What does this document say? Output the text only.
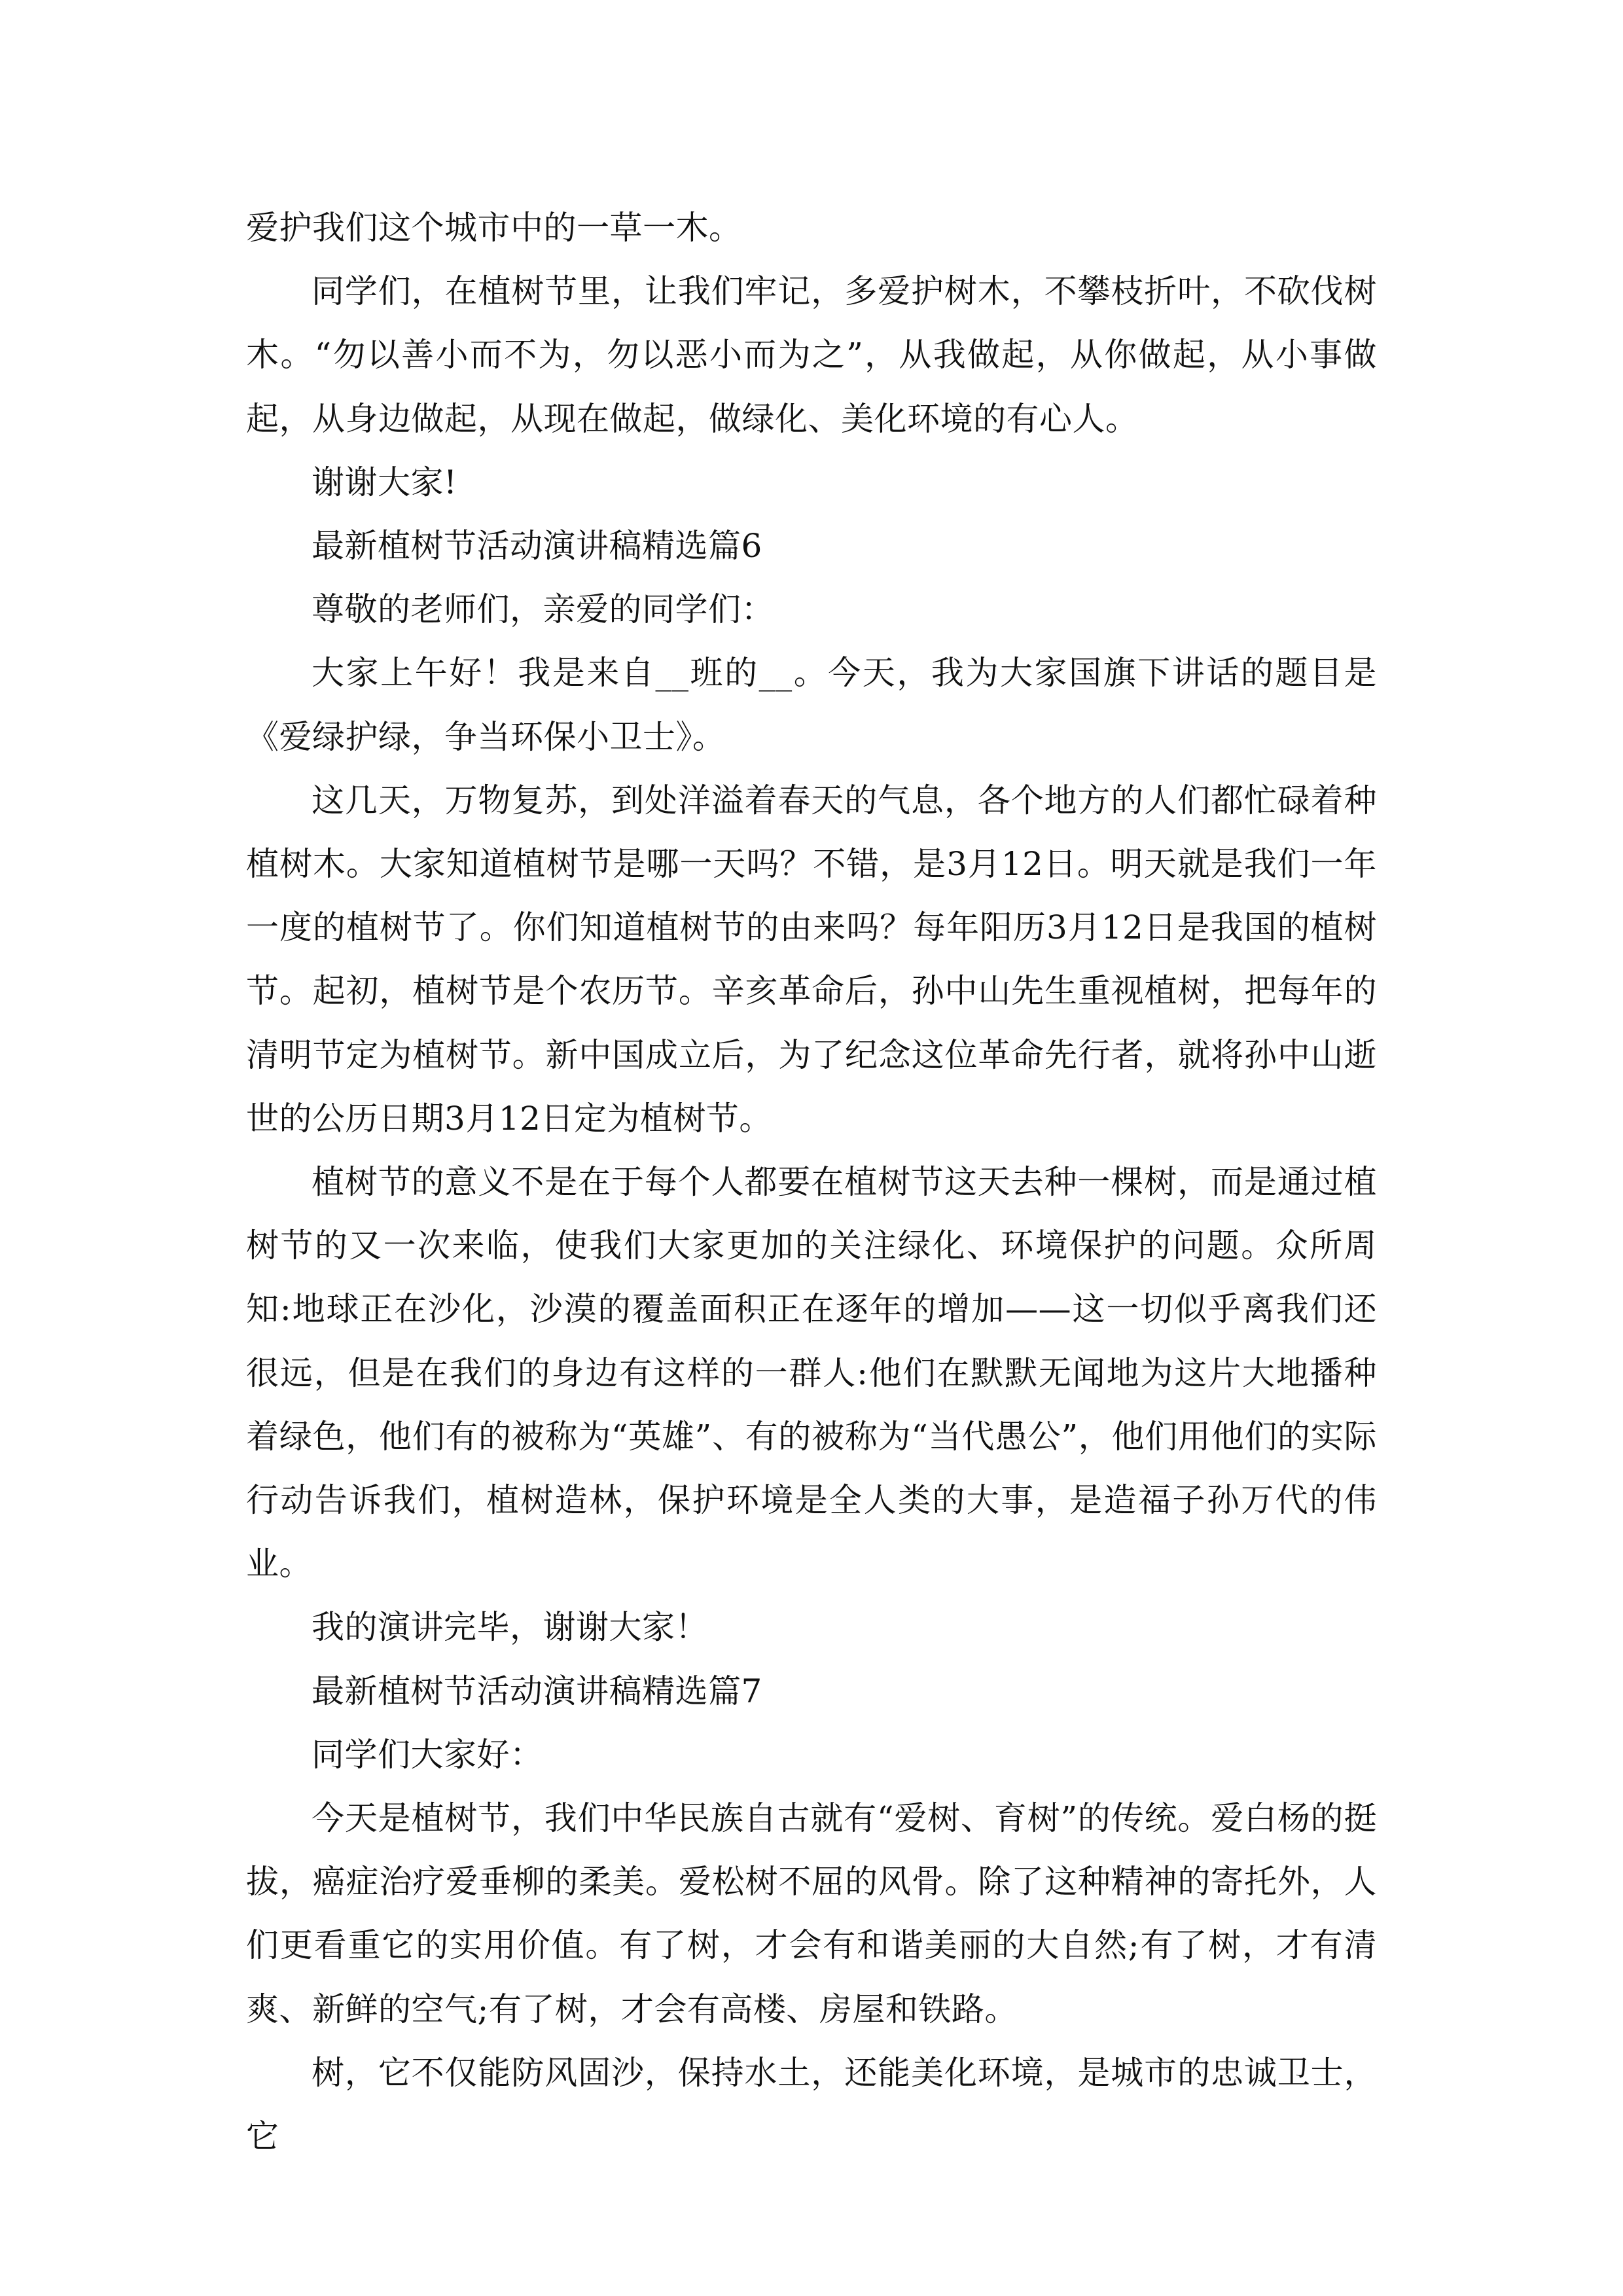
爱护我们这个城市中的一草一木。

同学们，在植树节里，让我们牢记，多爱护树木，不攀枝折叶，不砍伐树木。“勿以善小而不为，勿以恶小而为之”，从我做起，从你做起，从小事做起，从身边做起，从现在做起，做绿化、美化环境的有心人。

谢谢大家!

最新植树节活动演讲稿精选篇6

尊敬的老师们，亲爱的同学们：

大家上午好！我是来自__班的__。今天，我为大家国旗下讲话的题目是《爱绿护绿，争当环保小卫士》。

这几天，万物复苏，到处洋溢着春天的气息，各个地方的人们都忙碌着种植树木。大家知道植树节是哪一天吗？不错，是3月12日。明天就是我们一年一度的植树节了。你们知道植树节的由来吗？每年阳历3月12日是我国的植树节。起初，植树节是个农历节。辛亥革命后，孙中山先生重视植树，把每年的清明节定为植树节。新中国成立后，为了纪念这位革命先行者，就将孙中山逝世的公历日期3月12日定为植树节。

植树节的意义不是在于每个人都要在植树节这天去种一棵树，而是通过植树节的又一次来临，使我们大家更加的关注绿化、环境保护的问题。众所周知:地球正在沙化，沙漠的覆盖面积正在逐年的增加——这一切似乎离我们还很远，但是在我们的身边有这样的一群人:他们在默默无闻地为这片大地播种着绿色，他们有的被称为“英雄”、有的被称为“当代愚公”，他们用他们的实际行动告诉我们，植树造林，保护环境是全人类的大事，是造福子孙万代的伟业。

我的演讲完毕，谢谢大家！

最新植树节活动演讲稿精选篇7

同学们大家好：

今天是植树节，我们中华民族自古就有“爱树、育树”的传统。爱白杨的挺拔，癌症治疗爱垂柳的柔美。爱松树不屈的风骨。除了这种精神的寄托外，人们更看重它的实用价值。有了树，才会有和谐美丽的大自然;有了树，才有清爽、新鲜的空气;有了树，才会有高楼、房屋和铁路。

树，它不仅能防风固沙，保持水土，还能美化环境，是城市的忠诚卫士，它
